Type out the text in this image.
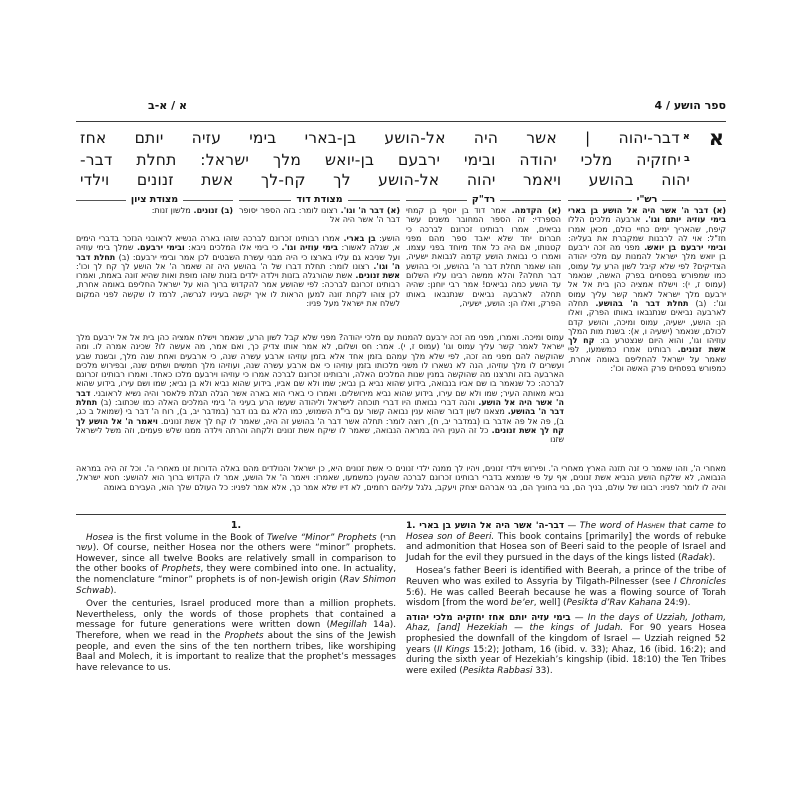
א / א-ב	ספר הושע / 4
א
$^א$דבר-יהוה | אשר היה אל-הושע בן-בארי בימי עזיה יותם אחז
$^ב$יחזקיה מלכי יהודה ובימי ירבעם בן-יואש מלך ישראל: תחלת דבר-
יהוה בהושע ויאמר יהוה אל-הושע לך קח-לך אשת זנונים וילדי
רש"י
רד"ק
מצודת דוד
מצודת ציון
(א) דבר ה' אשר היה אל הושע בן בארי בימי עוזיה יותם וגו'. ארבעה מלכים הללו קיפח, שהאריך ימים כחיי כולם, מכאן אמרו חז"ל: אוי לה לרבנות שמקברת את בעליה: ובימי ירבעם בן יואש. מפני מה זכה ירבעם בן יואש מלך ישראל להמנות עם מלכי יהודה הצדיקים? לפי שלא קיבל לשון הרע על עמוס, כמו שמפורש בפסחים בפרק האשה, שנאמר (עמוס ז, י): וישלח אמציה כהן בית אל אל ירבעם מלך ישראל לאמר קשר עליך עמוס וגו': (ב) תחלת דבר ה' בהושע. תחלה לארבעה נביאים שנתנבאו באותו הפרק, ואלו הן: הושע, ישעיה, עמוס ומיכה, והושע קדם לכולם, שנאמר (ישעיה ו, א): בשנת מות המלך עוזיהו וגו', והוא היום שנצטרע בו: קח לך אשת זנונים. רבותינו אמרו כמשמעו, לפי שאמר על ישראל להחליפם באומה אחרת, כמפורש בפסחים פרק האשה וכו':
(א) הקדמה. אמר דוד בן יוסף בן קמחי הספרדי: זה הספר המחובר משנים עשר נביאים, אמרו רבותינו זכרונם לברכה כי חברום יחד שלא יאבד ספר מהם מפני קטנותו, אם היה כל אחד מיוחד בפני עצמו. ואמרו כי נבואת הושע קדמה לנבואת ישעיה, וזהו שאמר תחלת דבר ה' בהושע, וכי בהושע דבר תחלה? והלא ממשה רבינו עליו השלום עד הושע כמה נביאים! אמר רבי יוחנן: שהיה תחלה לארבעה נביאים שנתנבאו באותו הפרק, ואלו הן: הושע, ישעיה,
(א) דבר ה' וגו'. רצונו לומר: בזה הספר יסופר דבר ה' אשר היה אל
(ב) זנונים. מלשון זנות:
הושע: בן בארי. אמרו רבותינו זכרונם לברכה שזהו בארה הנשיא לראובני הנזכר בדברי הימים א, שגלה לאשור: בימי עוזיה וגו'. כי בימי אלו המלכים ניבא: ובימי ירבעם. שמלך בימי עוזיה ועל שניבא גם עליו בארצו כי היה מבני עשרת השבטים לכן אמר ובימי ירבעם: (ב) תחלת דבר ה' וגו'. רצונו לומר: תחלת דברו של ה' בהושע היה זה שאמר ה' אל הושע לך קח לך וכו': אשת זנונים. אשת שהורגלה בזנות וילדה ילדים בזנות שזהו מופת ואות שהיא זונה באמת, ואמרו רבותינו זכרונם לברכה: לפי שהושע אמר להקדוש ברוך הוא על ישראל החליפם באומה אחרת, לכן צוהו לקחת זונה למען הראות לו איך יקשה בעיניו לגרשה, לרמז לו שקשה לפני המקום לשלח את ישראל מעל פניו:
עמוס ומיכה. ואמרו, מפני מה זכה ירבעם להמנות עם מלכי יהודה? מפני שלא קבל לשון הרע, שנאמר וישלח אמציה כהן בית אל אל ירבעם מלך ישראל לאמר קשר עליך עמוס וגו' (עמוס ז, י). אמר: חס ושלום, לא אמר אותו צדיק כך, ואם אמר, מה אעשה לו? שכינה אמרה לו. ומה שהוקשה להם מפני מה זכה, לפי שלא מלך עמהם בזמן אחד אלא בזמן עוזיהו ארבע עשרה שנה, כי ארבעים ואחת שנה מלך, ובשנת שבע ועשרים לו מלך עוזיהו, הנה לא נשארו לו משני מלכותו בזמן עוזיהו כי אם ארבע עשרה שנה, ועוזיהו מלך חמשים ושתים שנה, ובפירוש מלכים הארבעה בזה ותרצנו מה שהוקשה במנין שנות המלכים האלה, ורבותינו זכרונם לברכה אמרו כי עוזיהו וירבעם מלכו כאחד. ואמרו רבותינו זכרונם לברכה: כל שנאמר בו שם אביו בנבואה, בידוע שהוא נביא בן נביא; שמו ולא שם אביו, בידוע שהוא נביא ולא בן נביא; שמו ושם עירו, בידוע שהוא נביא מאותה העיר; שמו ולא שם עירו, בידוע שהוא נביא מירושלים. ואמרו כי בארי הוא בארה אשר הגלה תגלת פלאסר והיה נשיא לראובני. דבר ה' אשר היה אל הושע. והנה דברי נבואתו היו דברי תוכחה לישראל וליהודה שעשו הרע בעיני ה' בימי המלכים האלה כמו שכתוב: (ב) תחלת דבר ה' בהושע. מצאנו לשון דבור שהוא ענין נבואה קשור עם בי"ת השמוש, כמו הלא גם בנו דבר (במדבר יב, ב), רוח ה' דבר בי (שמואל ב כג, ב), פה אל פה אדבר בו (במדבר יב, ח), רוצה לומר: תחלה אשר דבר ה' בהושע זה היה, שאמר לו קח לך אשת זנונים. ויאמר ה' אל הושע לך קח לך אשת זנונים. כל זה הענין היה במראה הנבואה, שאמר לו שיקח אשת זנונים ולקחה והרתה וילדה ממנו שלש פעמים, וזה משל לישראל שזנו
מאחרי ה', וזהו שאמר כי זנה תזנה הארץ מאחרי ה'. ופירוש וילדי זנונים, ויהיו לך ממנה ילדי זנונים כי אשת זנונים היא, כן ישראל והנולדים מהם באלה הדורות זנו מאחרי ה'. וכל זה היה במראה הנבואה, לא שלקח הושע הנביא אשת זנונים, אף על פי שנמצא בדברי רבותינו זכרונם לברכה שהענין כמשמעו, שאמרו: ויאמר ה' אל הושע, אמר לו הקדוש ברוך הוא להושע: חטא ישראל, והיה לו לומר לפניו: רבונו של עולם, בניך הם, בני בחוניך הם, בני אברהם יצחק ויעקב, גלגל עליהם רחמים, לא דיו שלא אמר כך, אלא אמר לפניו: כל העולם שלך הוא, העבירם באומה
1.

Hosea is the first volume in the Book of Twelve “Minor” Prophets (תרי עשר). Of course, neither Hosea nor the others were “minor” prophets. However, since all twelve Books are relatively small in comparison to the other books of Prophets, they were combined into one. In actuality, the nomenclature “minor” prophets is of non-Jewish origin (Rav Shimon Schwab).

Over the centuries, Israel produced more than a million prophets. Nevertheless, only the words of those prophets that contained a message for future generations were written down (Megillah 14a). Therefore, when we read in the Prophets about the sins of the Jewish people, and even the sins of the ten northern tribes, like worshiping Baal and Molech, it is important to realize that the prophet’s messages have relevance to us.

1. דבר-ה' אשר היה אל הושע בן בארי — The word of Hashem that came to Hosea son of Beeri. This book contains [primarily] the words of rebuke and admonition that Hosea son of Beeri said to the people of Israel and Judah for the evil they pursued in the days of the kings listed (Radak).

Hosea’s father Beeri is identified with Beerah, a prince of the tribe of Reuven who was exiled to Assyria by Tilgath-Pilnesser (see I Chronicles 5:6). He was called Beerah because he was a flowing source of Torah wisdom [from the word be’er, well] (Pesikta d’Rav Kahana 24:9).

בימי עזיה יותם אחז יחזקיה מלכי יהודה — In the days of Uzziah, Jotham, Ahaz, [and] Hezekiah — the kings of Judah. For 90 years Hosea prophesied the downfall of the kingdom of Israel — Uzziah reigned 52 years (II Kings 15:2); Jotham, 16 (ibid. v. 33); Ahaz, 16 (ibid. 16:2); and during the sixth year of Hezekiah’s kingship (ibid. 18:10) the Ten Tribes were exiled (Pesikta Rabbasi 33).
